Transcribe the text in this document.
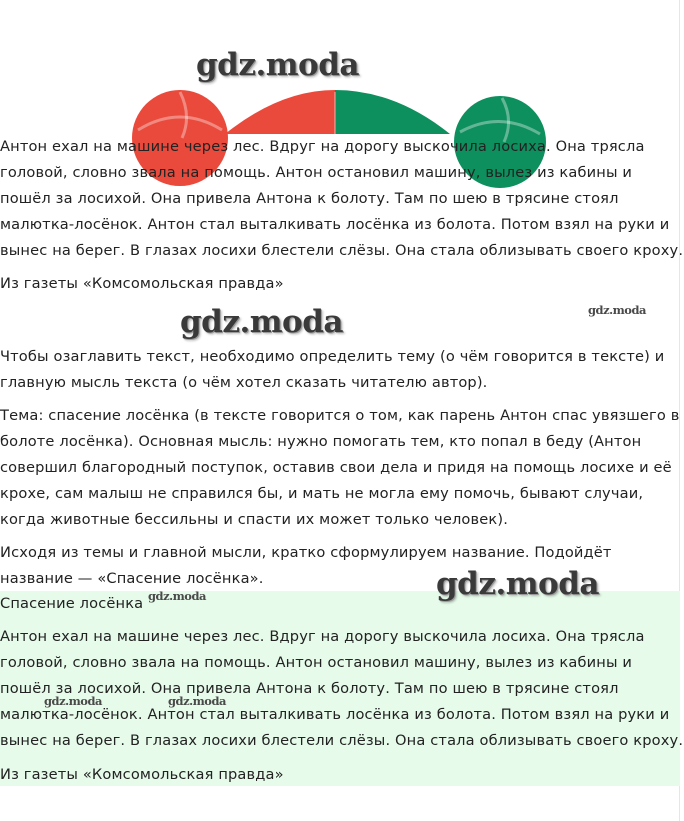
gdz.moda

Антон ехал на машине через лес. Вдруг на дорогу выскочила лосиха. Она трясла головой, словно звала на помощь. Антон остановил машину, вылез из кабины и пошёл за лосихой. Она привела Антона к болоту. Там по шею в трясине стоял малютка-лосёнок. Антон стал выталкивать лосёнка из болота. Потом взял на руки и вынес на берег. В глазах лосихи блестели слёзы. Она стала облизывать своего кроху.

Из газеты «Комсомольская правда»

gdz.moda	gdz.moda

Чтобы озаглавить текст, необходимо определить тему (о чём говорится в тексте) и главную мысль текста (о чём хотел сказать читателю автор).

Тема: спасение лосёнка (в тексте говорится о том, как парень Антон спас увязшего в болоте лосёнка). Основная мысль: нужно помогать тем, кто попал в беду (Антон совершил благородный поступок, оставив свои дела и придя на помощь лосихе и её крохе, сам малыш не справился бы, и мать не могла ему помочь, бывают случаи, когда животные бессильны и спасти их может только человек).

Исходя из темы и главной мысли, кратко сформулируем название. Подойдёт название — «Спасение лосёнка».

Спасение лосёнка

Антон ехал на машине через лес. Вдруг на дорогу выскочила лосиха. Она трясла головой, словно звала на помощь. Антон остановил машину, вылез из кабины и пошёл за лосихой. Она привела Антона к болоту. Там по шею в трясине стоял малютка-лосёнок. Антон стал выталкивать лосёнка из болота. Потом взял на руки и вынес на берег. В глазах лосихи блестели слёзы. Она стала облизывать своего кроху.

Из газеты «Комсомольская правда»

gdz.moda
gdz.moda
gdz.moda	gdz.moda
